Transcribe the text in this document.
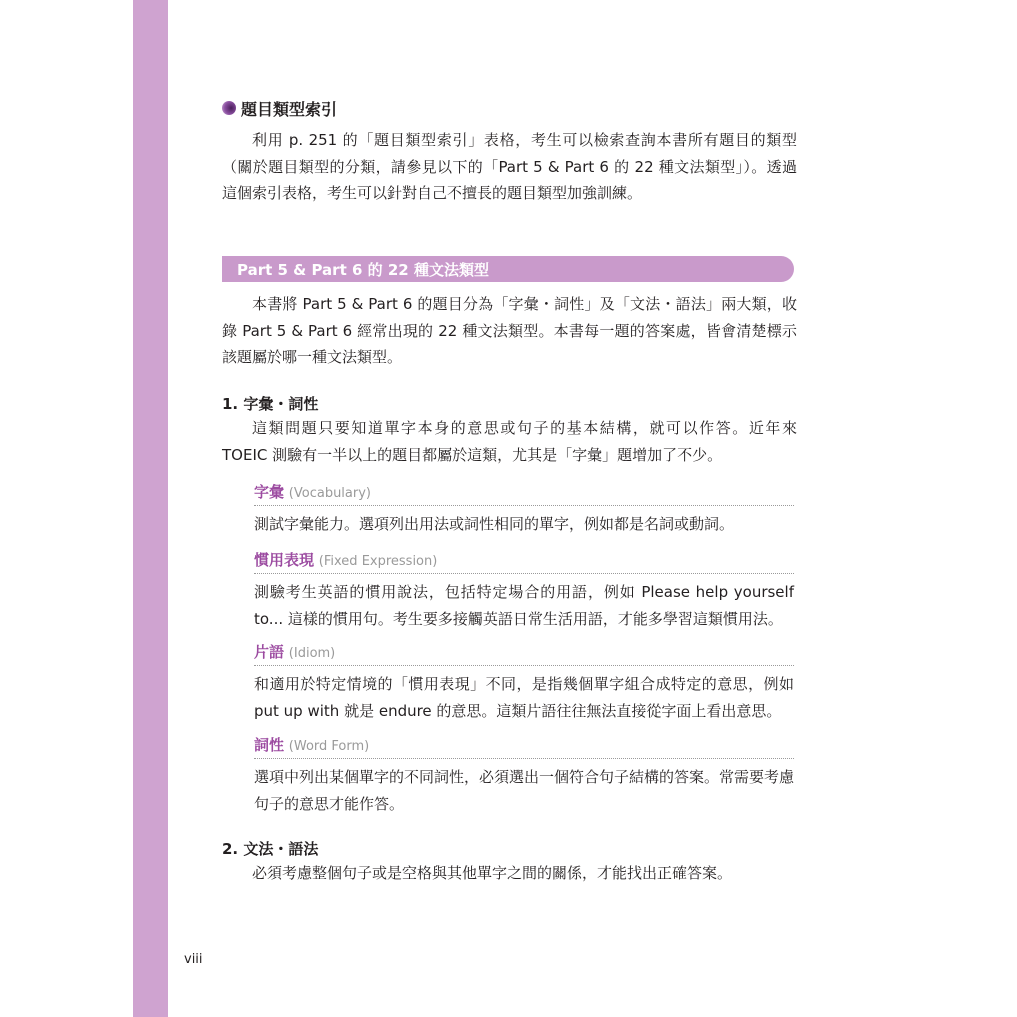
題目類型索引

利用 p. 251 的「題目類型索引」表格，考生可以檢索查詢本書所有題目的類型（關於題目類型的分類，請參見以下的「Part 5 & Part 6 的 22 種文法類型」）。透過這個索引表格，考生可以針對自己不擅長的題目類型加強訓練。

Part 5 & Part 6 的 22 種文法類型

本書將 Part 5 & Part 6 的題目分為「字彙・詞性」及「文法・語法」兩大類，收錄 Part 5 & Part 6 經常出現的 22 種文法類型。本書每一題的答案處，皆會清楚標示該題屬於哪一種文法類型。

1. 字彙・詞性

這類問題只要知道單字本身的意思或句子的基本結構，就可以作答。近年來 TOEIC 測驗有一半以上的題目都屬於這類，尤其是「字彙」題增加了不少。

字彙 (Vocabulary)
測試字彙能力。選項列出用法或詞性相同的單字，例如都是名詞或動詞。
慣用表現 (Fixed Expression)
測驗考生英語的慣用說法，包括特定場合的用語，例如 Please help yourself to... 這樣的慣用句。考生要多接觸英語日常生活用語，才能多學習這類慣用法。
片語 (Idiom)
和適用於特定情境的「慣用表現」不同，是指幾個單字組合成特定的意思，例如 put up with 就是 endure 的意思。這類片語往往無法直接從字面上看出意思。
詞性 (Word Form)
選項中列出某個單字的不同詞性，必須選出一個符合句子結構的答案。常需要考慮句子的意思才能作答。
2. 文法・語法

必須考慮整個句子或是空格與其他單字之間的關係，才能找出正確答案。

viii
